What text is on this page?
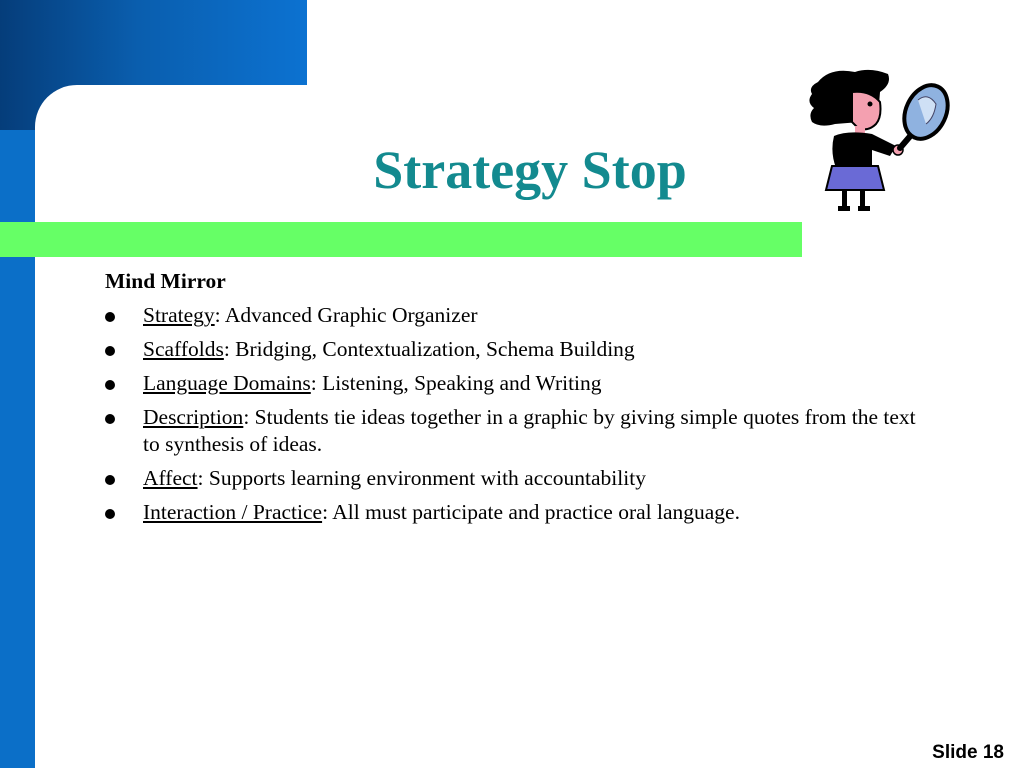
Strategy Stop
Mind Mirror
Strategy: Advanced Graphic Organizer
Scaffolds: Bridging, Contextualization, Schema Building
Language Domains: Listening, Speaking and Writing
Description: Students tie ideas together in a graphic by giving simple quotes from the text to synthesis of ideas.
Affect: Supports learning environment with accountability
Interaction / Practice: All must participate and practice oral language.
Slide 18
